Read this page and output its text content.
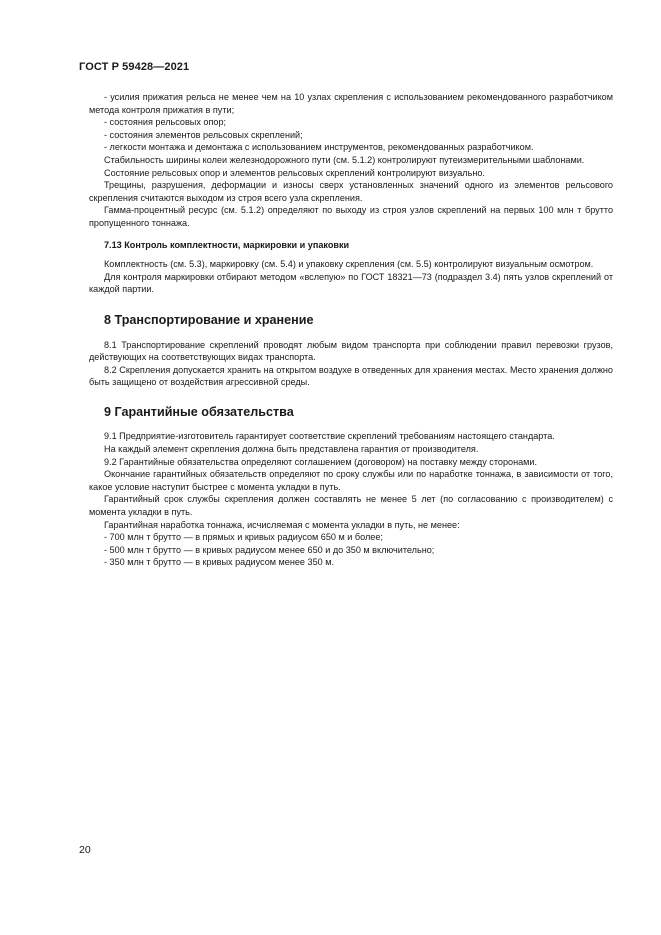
ГОСТ Р 59428—2021

- усилия прижатия рельса не менее чем на 10 узлах скрепления с использованием рекомендованного разработчиком метода контроля прижатия в пути;

- состояния рельсовых опор;

- состояния элементов рельсовых скреплений;

- легкости монтажа и демонтажа с использованием инструментов, рекомендованных разработчиком.

Стабильность ширины колеи железнодорожного пути (см. 5.1.2) контролируют путеизмерительными шаблонами.

Состояние рельсовых опор и элементов рельсовых скреплений контролируют визуально.

Трещины, разрушения, деформации и износы сверх установленных значений одного из элементов рельсового скрепления считаются выходом из строя всего узла скрепления.

Гамма-процентный ресурс (см. 5.1.2) определяют по выходу из строя узлов скреплений на первых 100 млн т брутто пропущенного тоннажа.

7.13 Контроль комплектности, маркировки и упаковки

Комплектность (см. 5.3), маркировку (см. 5.4) и упаковку скрепления (см. 5.5) контролируют визуальным осмотром.

Для контроля маркировки отбирают методом «вслепую» по ГОСТ 18321—73 (подраздел 3.4) пять узлов скреплений от каждой партии.

8 Транспортирование и хранение

8.1 Транспортирование скреплений проводят любым видом транспорта при соблюдении правил перевозки грузов, действующих на соответствующих видах транспорта.

8.2 Скрепления допускается хранить на открытом воздухе в отведенных для хранения местах. Место хранения должно быть защищено от воздействия агрессивной среды.

9 Гарантийные обязательства

9.1 Предприятие-изготовитель гарантирует соответствие скреплений требованиям настоящего стандарта.

На каждый элемент скрепления должна быть представлена гарантия от производителя.

9.2 Гарантийные обязательства определяют соглашением (договором) на поставку между сторонами.

Окончание гарантийных обязательств определяют по сроку службы или по наработке тоннажа, в зависимости от того, какое условие наступит быстрее с момента укладки в путь.

Гарантийный срок службы скрепления должен составлять не менее 5 лет (по согласованию с производителем) с момента укладки в путь.

Гарантийная наработка тоннажа, исчисляемая с момента укладки в путь, не менее:

- 700 млн т брутто — в прямых и кривых радиусом 650 м и более;

- 500 млн т брутто — в кривых радиусом менее 650 и до 350 м включительно;

- 350 млн т брутто — в кривых радиусом менее 350 м.

20
